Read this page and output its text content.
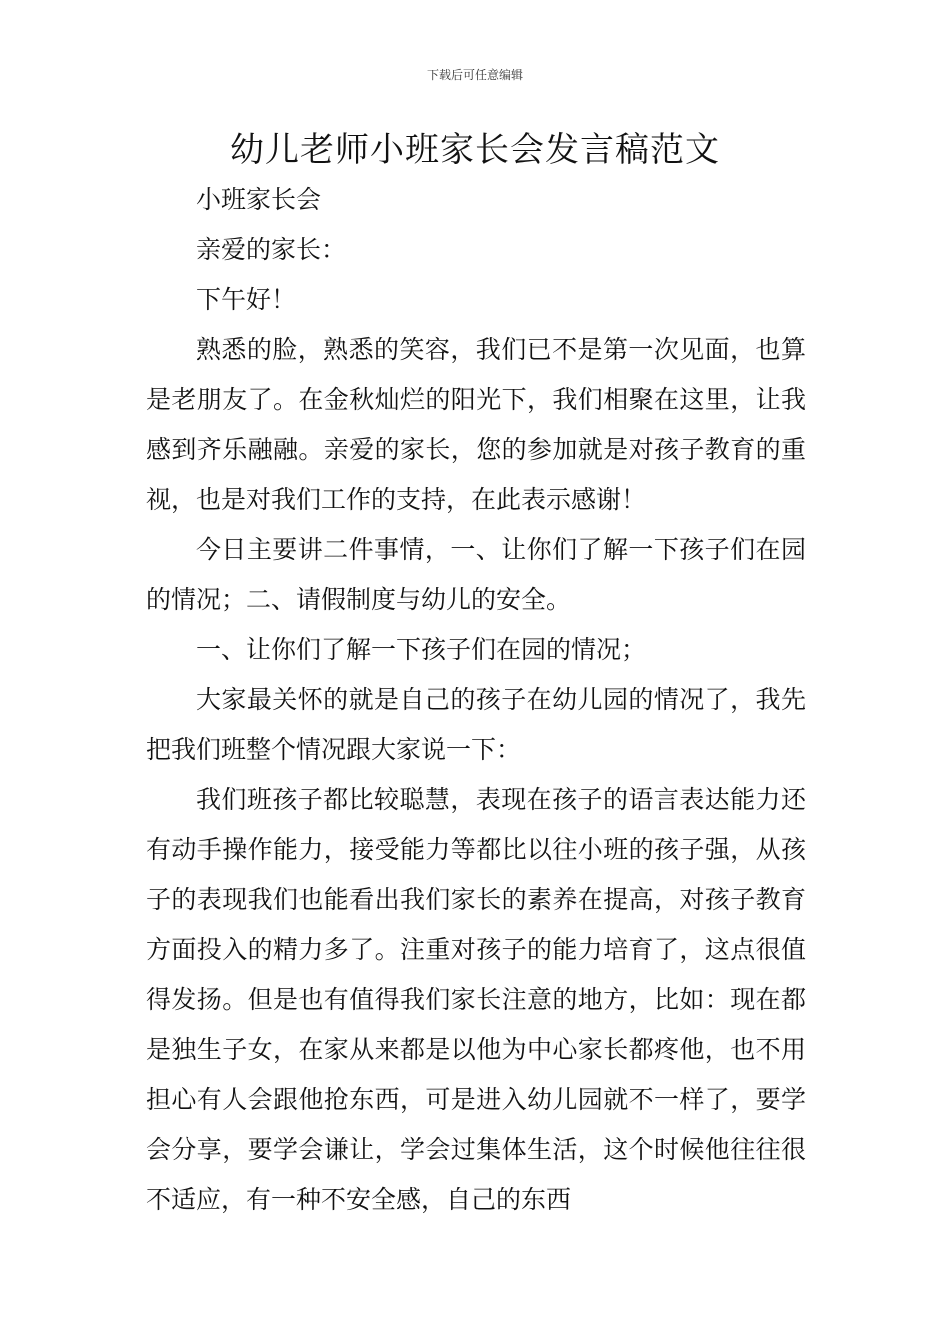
下载后可任意编辑
幼儿老师小班家长会发言稿范文

小班家长会

亲爱的家长：

下午好！

熟悉的脸，熟悉的笑容，我们已不是第一次见面，也算是老朋友了。在金秋灿烂的阳光下，我们相聚在这里，让我感到齐乐融融。亲爱的家长，您的参加就是对孩子教育的重视，也是对我们工作的支持，在此表示感谢！

今日主要讲二件事情，一、让你们了解一下孩子们在园的情况；二、请假制度与幼儿的安全。

一、让你们了解一下孩子们在园的情况；

大家最关怀的就是自己的孩子在幼儿园的情况了，我先把我们班整个情况跟大家说一下：

我们班孩子都比较聪慧，表现在孩子的语言表达能力还有动手操作能力，接受能力等都比以往小班的孩子强，从孩子的表现我们也能看出我们家长的素养在提高，对孩子教育方面投入的精力多了。注重对孩子的能力培育了，这点很值得发扬。但是也有值得我们家长注意的地方，比如：现在都是独生子女，在家从来都是以他为中心家长都疼他，也不用担心有人会跟他抢东西，可是进入幼儿园就不一样了，要学会分享，要学会谦让，学会过集体生活，这个时候他往往很不适应，有一种不安全感，自己的东西
